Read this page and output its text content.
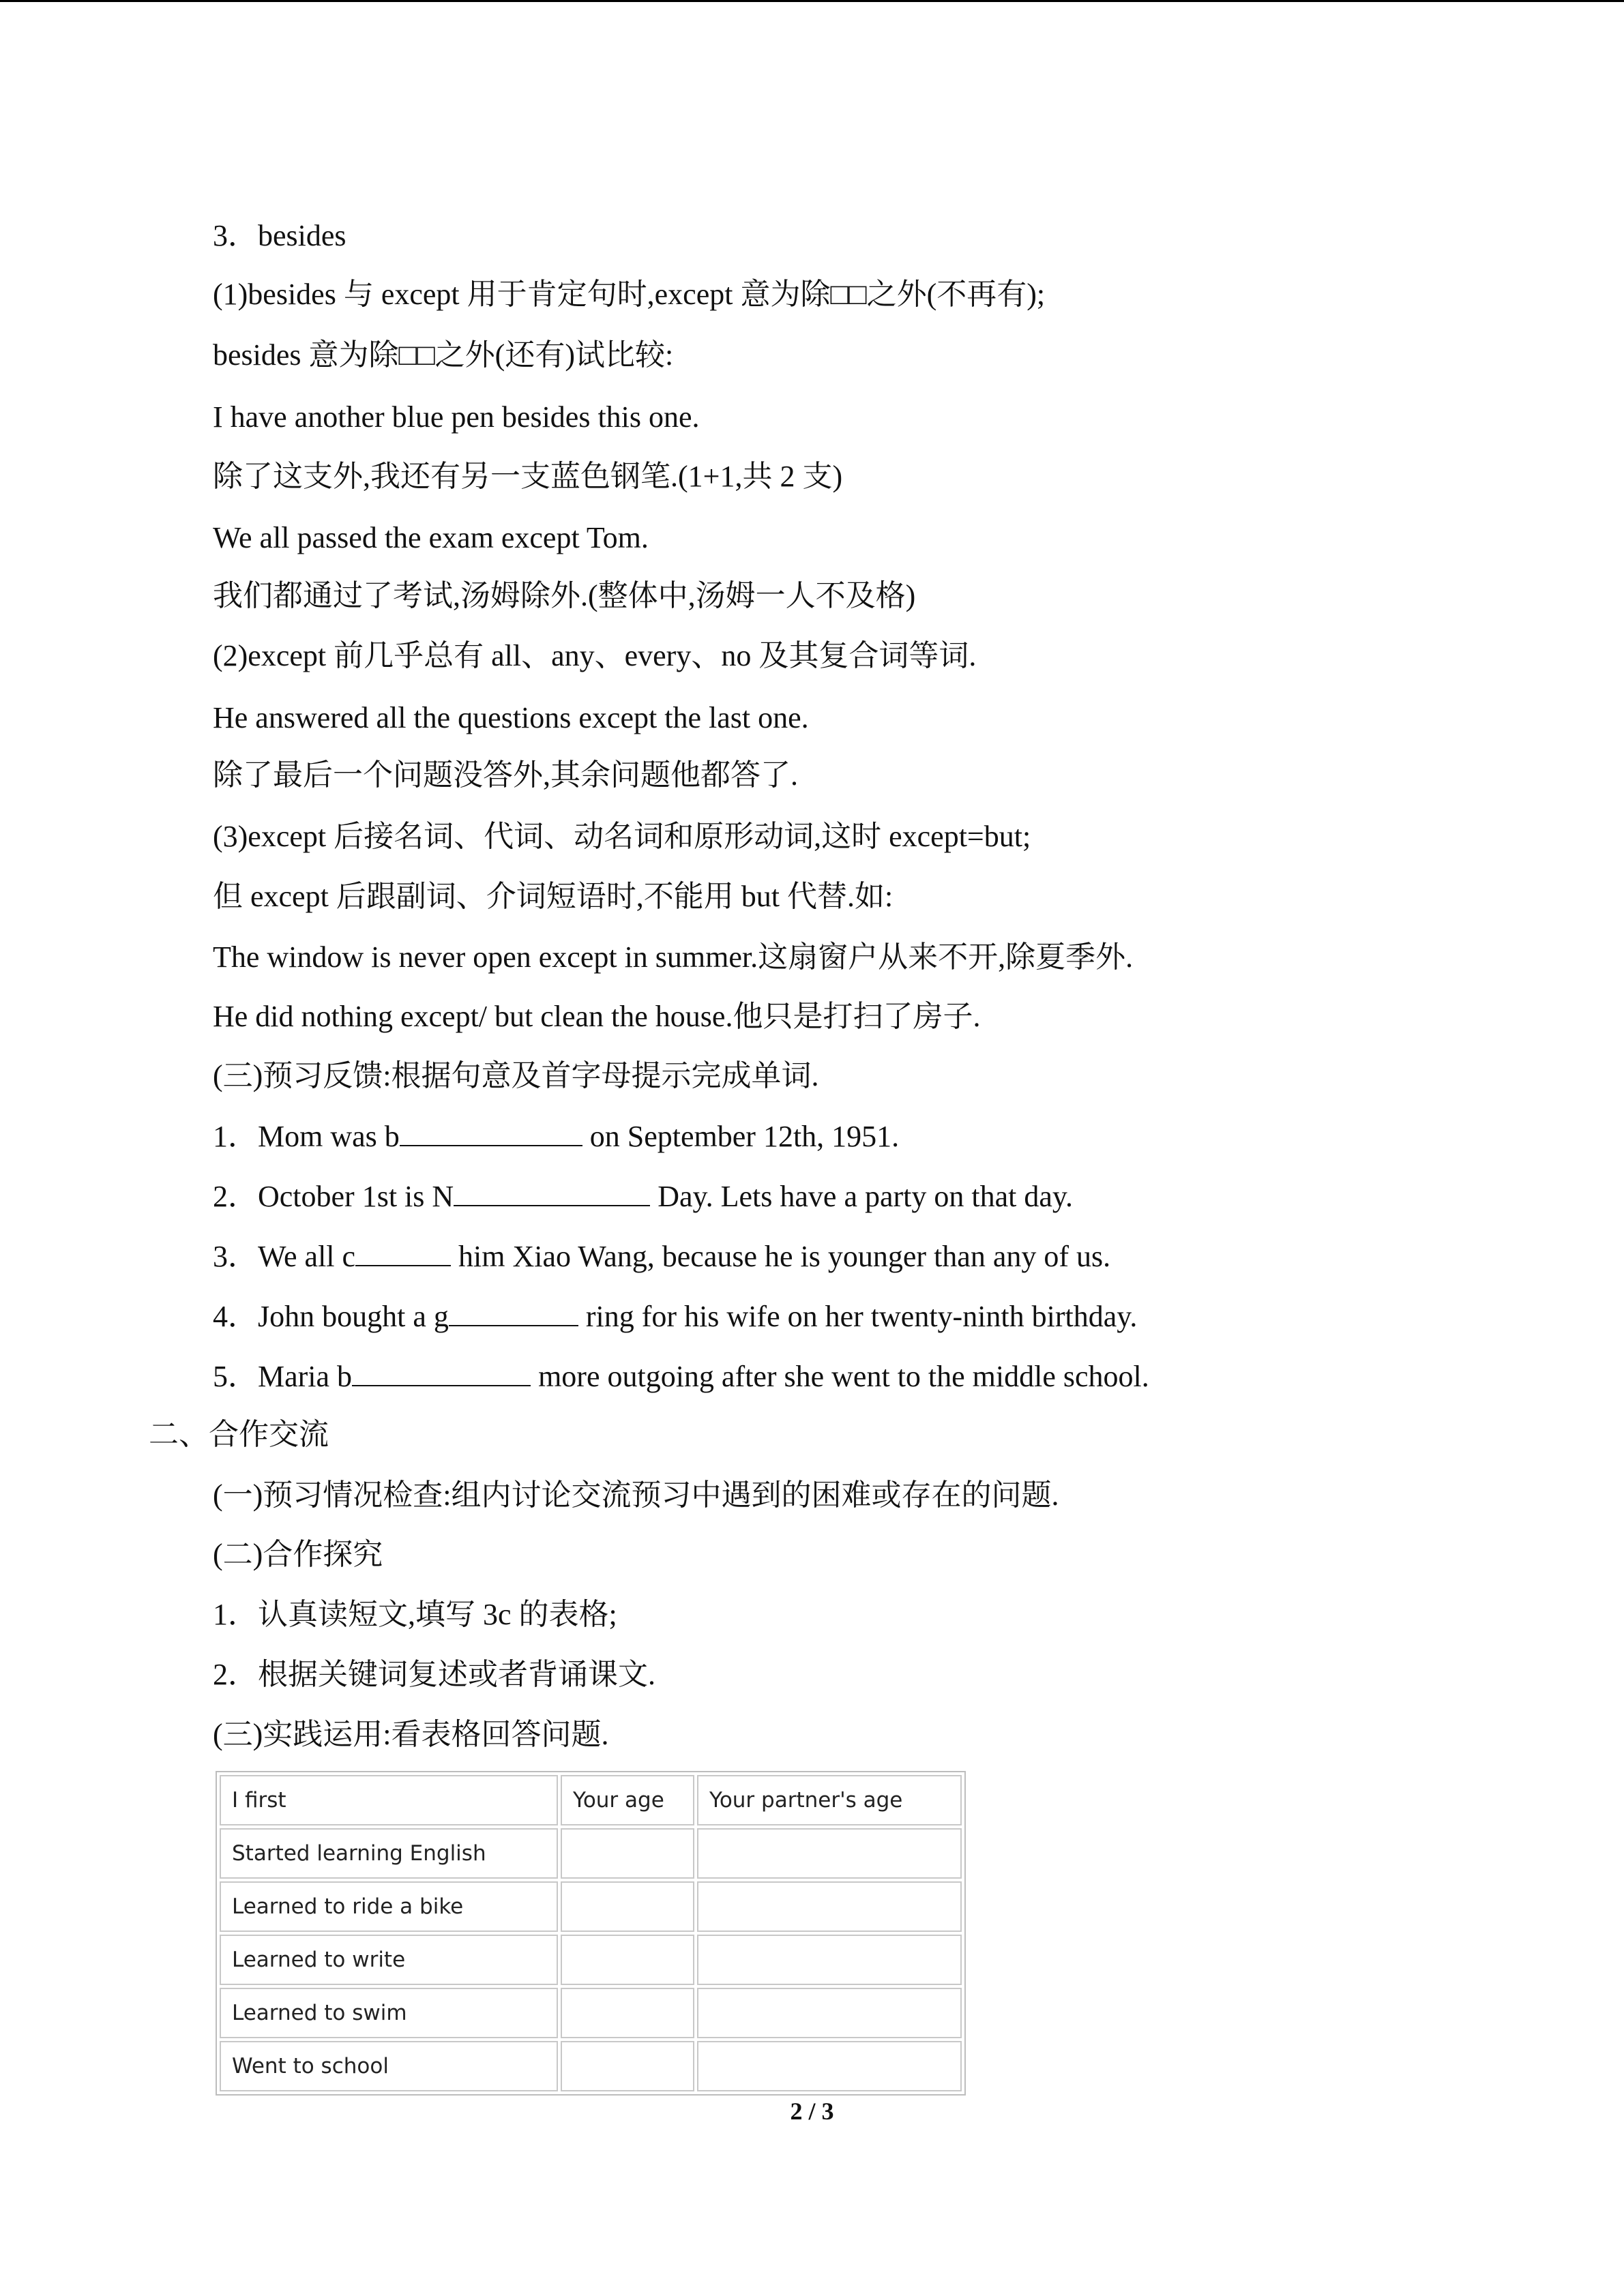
3．besides
(1)besides 与 except 用于肯定句时,except 意为除□□之外(不再有);
besides 意为除□□之外(还有)试比较:
I have another blue pen besides this one.
除了这支外,我还有另一支蓝色钢笔.(1+1,共 2 支)
We all passed the exam except Tom.
我们都通过了考试,汤姆除外.(整体中,汤姆一人不及格)
(2)except 前几乎总有 all、any、every、no 及其复合词等词.
He answered all the questions except the last one.
除了最后一个问题没答外,其余问题他都答了.
(3)except 后接名词、代词、动名词和原形动词,这时 except=but;
但 except 后跟副词、介词短语时,不能用 but 代替.如:
The window is never open except in summer.这扇窗户从来不开,除夏季外.
He did nothing except/ but clean the house.他只是打扫了房子.
(三)预习反馈:根据句意及首字母提示完成单词.
1．Mom was b	on September 12th, 1951.
2．October 1st is N	Day. Lets have a party on that day.
3．We all c	him Xiao Wang, because he is younger than any of us.
4．John bought a g	ring for his wife on her twenty-ninth birthday.
5．Maria b	more outgoing after she went to the middle school.
二、合作交流
(一)预习情况检查:组内讨论交流预习中遇到的困难或存在的问题.
(二)合作探究
1．认真读短文,填写 3c 的表格;
2．根据关键词复述或者背诵课文.
(三)实践运用:看表格回答问题.
I first	Your age	Your partner's age
Started learning English		
Learned to ride a bike		
Learned to write		
Learned to swim		
Went to school		
2 / 3
